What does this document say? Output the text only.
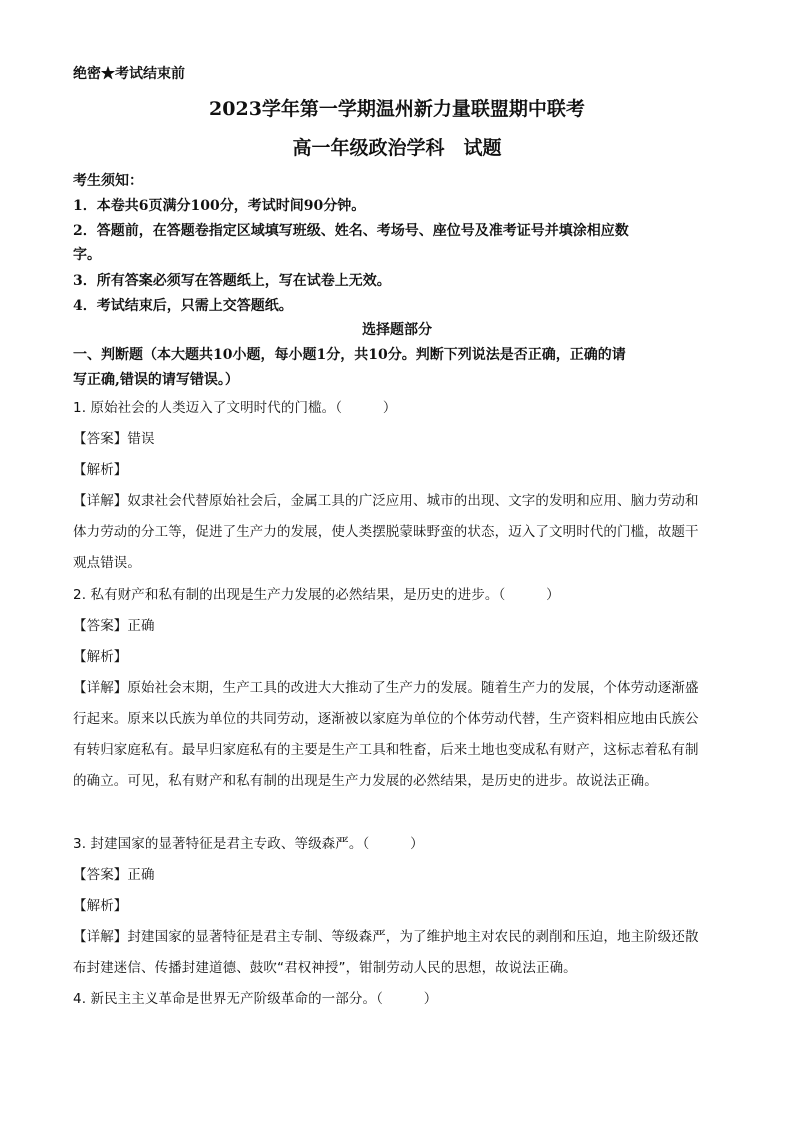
绝密★考试结束前
2023学年第一学期温州新力量联盟期中联考
高一年级政治学科　试题
考生须知：
1．本卷共6页满分100分，考试时间90分钟。
2．答题前，在答题卷指定区域填写班级、姓名、考场号、座位号及准考证号并填涂相应数
字。
3．所有答案必须写在答题纸上，写在试卷上无效。
4．考试结束后，只需上交答题纸。
选择题部分
一、判断题（本大题共10小题，每小题1分，共10分。判断下列说法是否正确，正确的请
写正确,错误的请写错误。）
1. 原始社会的人类迈入了文明时代的门槛。（　　　）
【答案】错误
【解析】
【详解】奴隶社会代替原始社会后，金属工具的广泛应用、城市的出现、文字的发明和应用、脑力劳动和
体力劳动的分工等，促进了生产力的发展，使人类摆脱蒙昧野蛮的状态，迈入了文明时代的门槛，故题干
观点错误。
2. 私有财产和私有制的出现是生产力发展的必然结果，是历史的进步。（　　　）
【答案】正确
【解析】
【详解】原始社会末期，生产工具的改进大大推动了生产力的发展。随着生产力的发展，个体劳动逐渐盛
行起来。原来以氏族为单位的共同劳动，逐渐被以家庭为单位的个体劳动代替，生产资料相应地由氏族公
有转归家庭私有。最早归家庭私有的主要是生产工具和牲畜，后来土地也变成私有财产，这标志着私有制
的确立。可见，私有财产和私有制的出现是生产力发展的必然结果，是历史的进步。故说法正确。
3. 封建国家的显著特征是君主专政、等级森严。（　　　）
【答案】正确
【解析】
【详解】封建国家的显著特征是君主专制、等级森严，为了维护地主对农民的剥削和压迫，地主阶级还散
布封建迷信、传播封建道德、鼓吹“君权神授”，钳制劳动人民的思想，故说法正确。
4. 新民主主义革命是世界无产阶级革命的一部分。（　　　）
